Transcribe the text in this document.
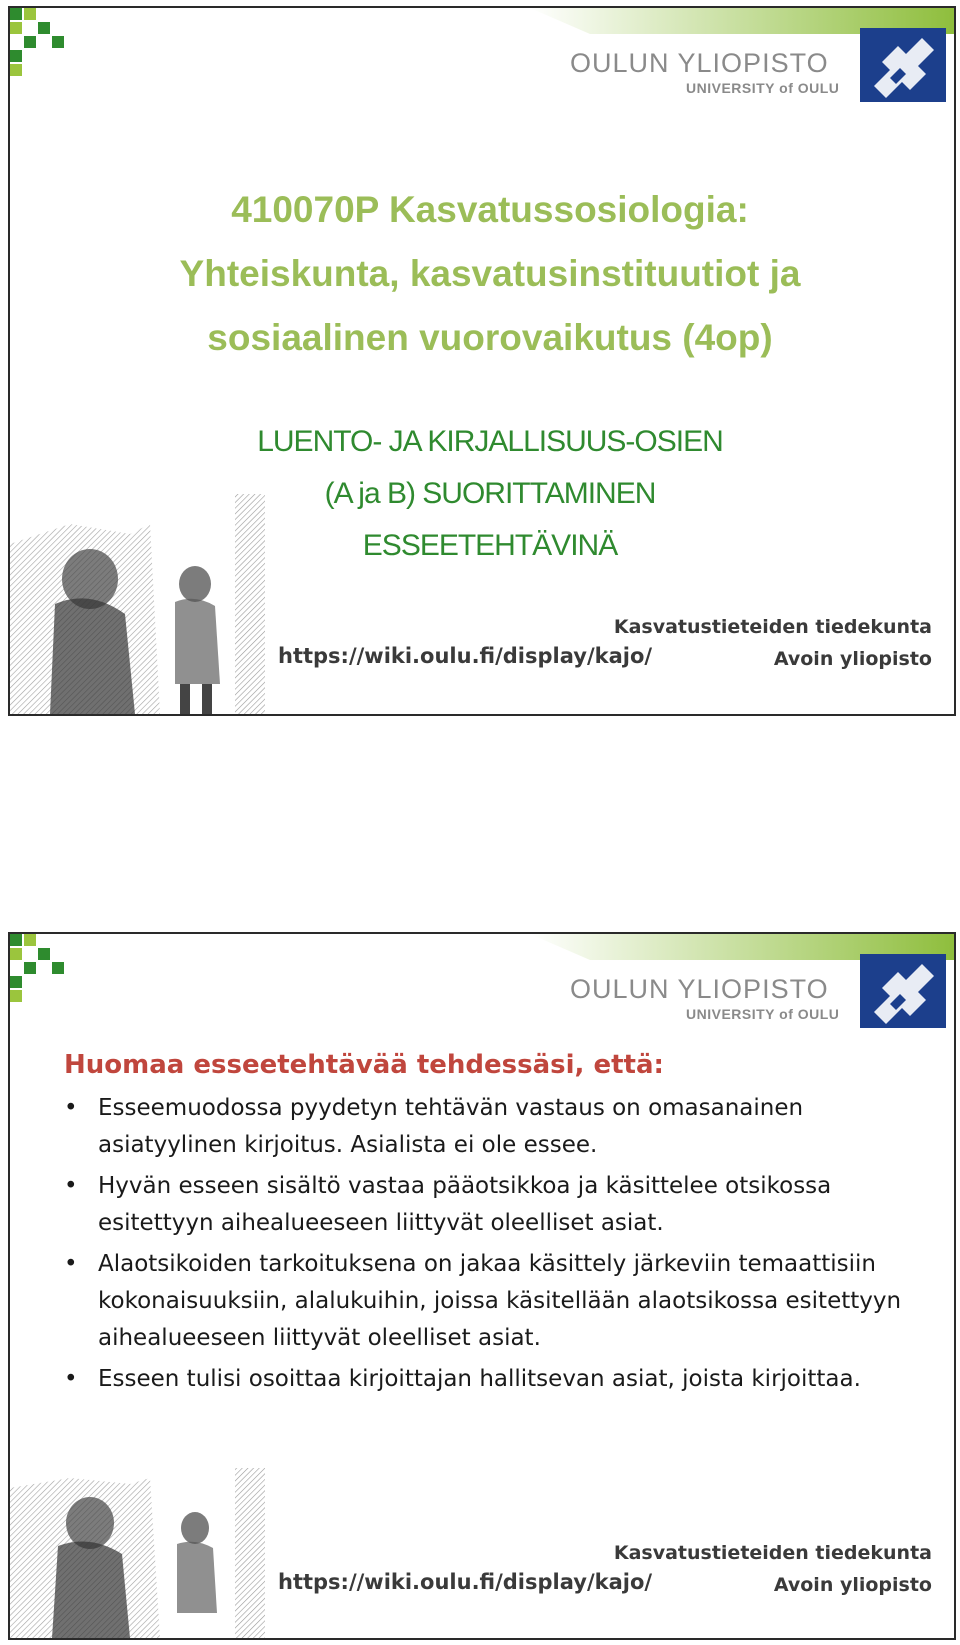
OULUN YLIOPISTO
UNIVERSITY of OULU
410070P Kasvatussosiologia:
Yhteiskunta, kasvatusinstituutiot ja
sosiaalinen vuorovaikutus (4op)
LUENTO- JA KIRJALLISUUS-OSIEN
(A ja B) SUORITTAMINEN
ESSEETEHTÄVINÄ
https://wiki.oulu.fi/display/kajo/
Kasvatustieteiden tiedekunta
Avoin yliopisto
OULUN YLIOPISTO
UNIVERSITY of OULU
Huomaa esseetehtävää tehdessäsi, että:
• Esseemuodossa pyydetyn tehtävän vastaus on omasanainen asiatyylinen kirjoitus. Asialista ei ole essee.
• Hyvän esseen sisältö vastaa pääotsikkoa ja käsittelee otsikossa esitettyyn aihealueeseen liittyvät oleelliset asiat.
• Alaotsikoiden tarkoituksena on jakaa käsittely järkeviin temaattisiin kokonaisuuksiin, alalukuihin, joissa käsitellään alaotsikossa esitettyyn aihealueeseen liittyvät oleelliset asiat.
• Esseen tulisi osoittaa kirjoittajan hallitsevan asiat, joista kirjoittaa.
https://wiki.oulu.fi/display/kajo/
Kasvatustieteiden tiedekunta
Avoin yliopisto
